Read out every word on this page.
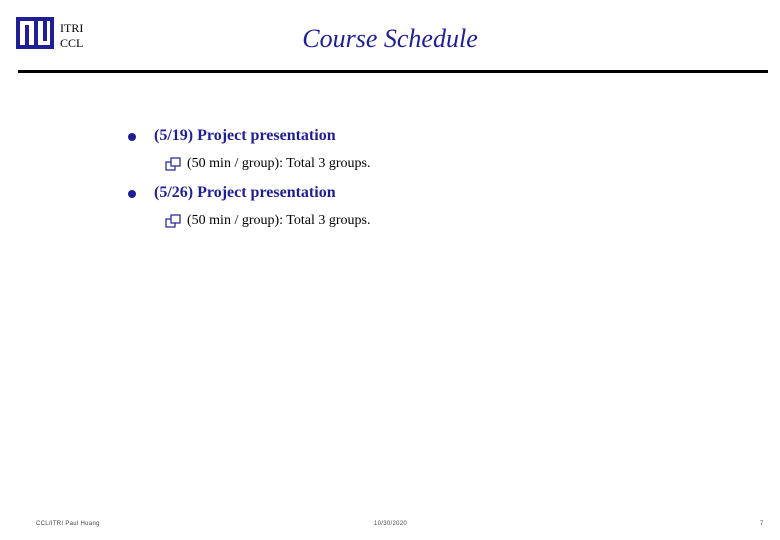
ITRI
CCL	Course Schedule
(5/19) Project presentation
(50 min / group): Total 3 groups.
(5/26) Project presentation
(50 min / group): Total 3 groups.
CCL/ITRI Paul Huang	10/30/2020	7
